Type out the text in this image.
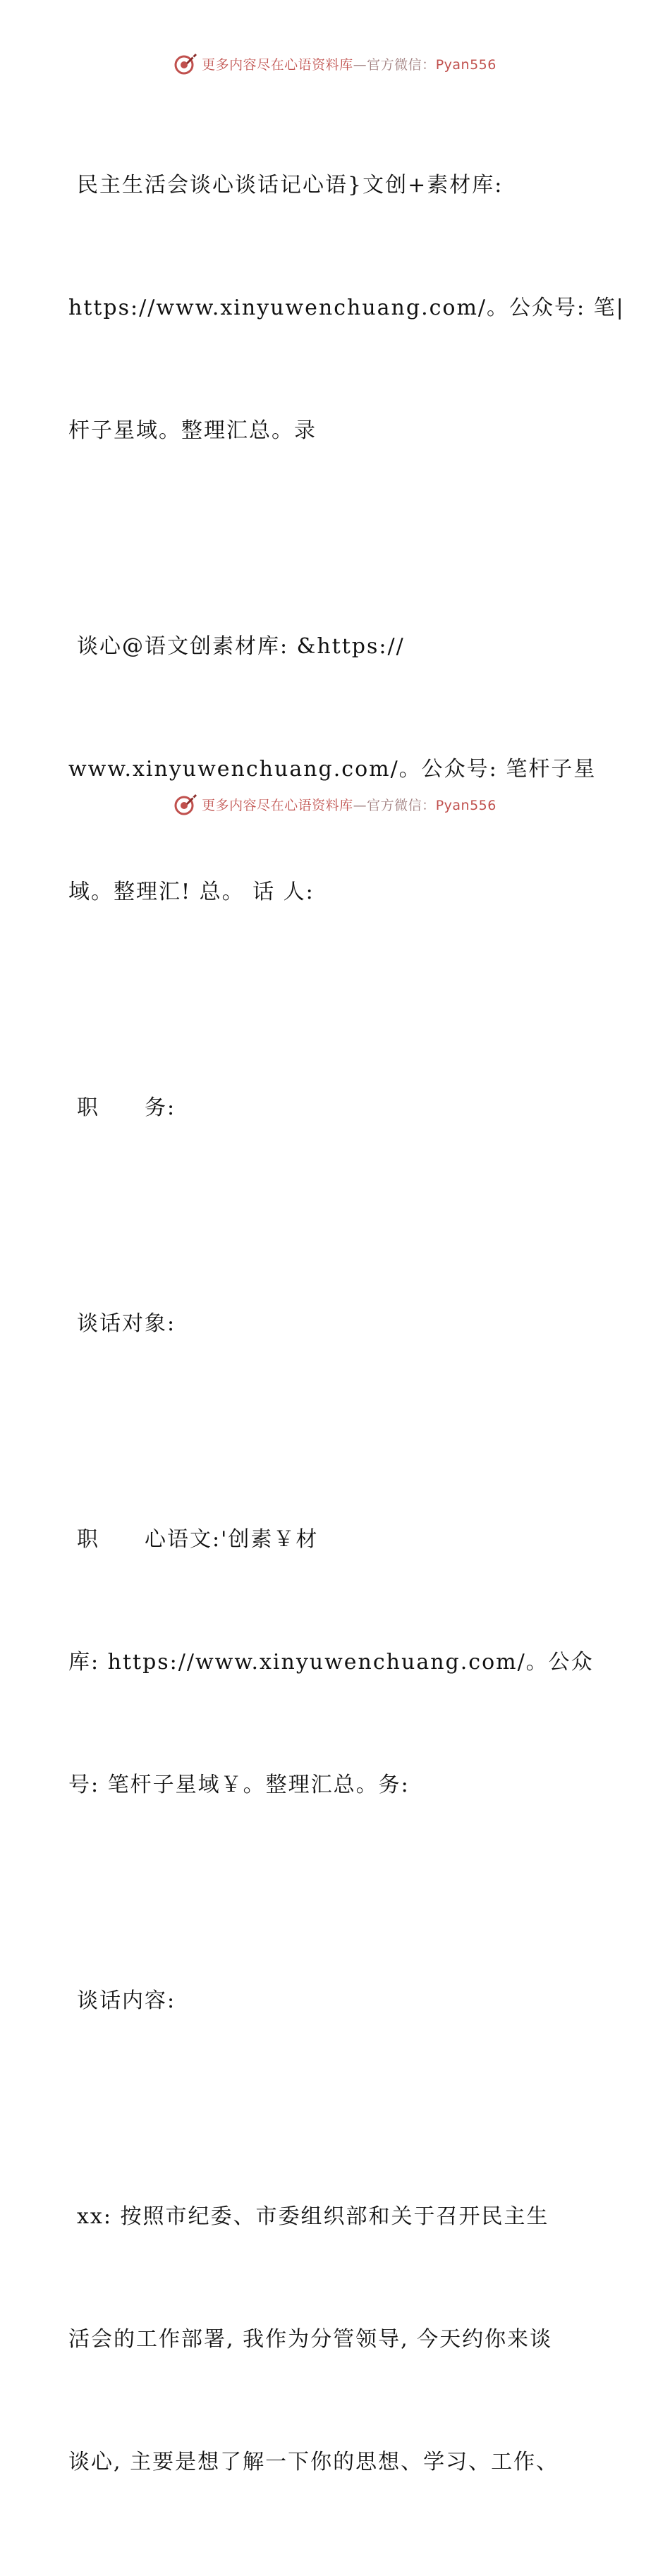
更多内容尽在心语资料库—官方微信：Pyan556

民主生活会谈心谈话记心语}文创+素材库:

https://www.xinyuwenchuang.com/。公众号: 笔|

杆子星域。整理汇总。录

谈心@语文创素材库: &https://

www.xinyuwenchuang.com/。公众号: 笔杆子星

域。整理汇! 总。 话 人:

职　　务:

谈话对象:

职　　心语文:'创素￥材

库: https://www.xinyuwenchuang.com/。公众

号: 笔杆子星域￥。整理汇总。务:

谈话内容:

xx: 按照市纪委、市委组织部和关于召开民主生

活会的工作部署, 我作为分管领导, 今天约你来谈

谈心, 主要是想了解一下你的思想、学习、工作、

更多内容尽在心语资料库—官方微信：Pyan556
